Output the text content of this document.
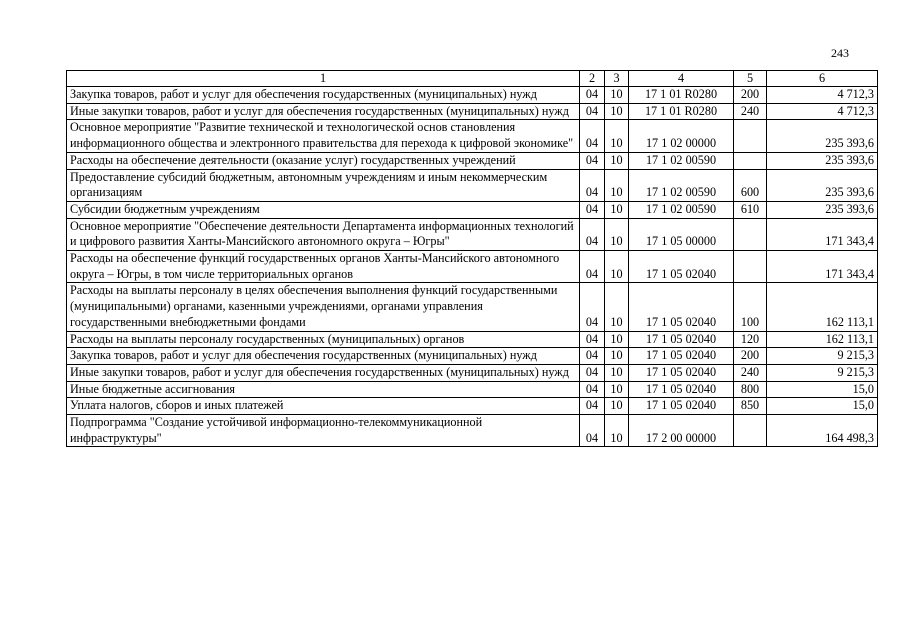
243
1	2	3	4	5	6
Закупка товаров, работ и услуг для обеспечения государственных (муниципальных) нужд	04	10	17 1 01 R0280	200	4 712,3
Иные закупки товаров, работ и услуг для обеспечения государственных (муниципальных) нужд	04	10	17 1 01 R0280	240	4 712,3
Основное мероприятие "Развитие технической и технологической основ становления информационного общества и электронного правительства для перехода к цифровой экономике"	04	10	17 1 02 00000		235 393,6
Расходы на обеспечение деятельности (оказание услуг) государственных учреждений	04	10	17 1 02 00590		235 393,6
Предоставление субсидий бюджетным, автономным учреждениям и иным некоммерческим организациям	04	10	17 1 02 00590	600	235 393,6
Субсидии бюджетным учреждениям	04	10	17 1 02 00590	610	235 393,6
Основное мероприятие "Обеспечение деятельности Департамента информационных технологий и цифрового развития Ханты-Мансийского автономного округа – Югры"	04	10	17 1 05 00000		171 343,4
Расходы на обеспечение функций государственных органов Ханты-Мансийского автономного округа – Югры, в том числе территориальных органов	04	10	17 1 05 02040		171 343,4
Расходы на выплаты персоналу в целях обеспечения выполнения функций государственными (муниципальными) органами, казенными учреждениями, органами управления государственными внебюджетными фондами	04	10	17 1 05 02040	100	162 113,1
Расходы на выплаты персоналу государственных (муниципальных) органов	04	10	17 1 05 02040	120	162 113,1
Закупка товаров, работ и услуг для обеспечения государственных (муниципальных) нужд	04	10	17 1 05 02040	200	9 215,3
Иные закупки товаров, работ и услуг для обеспечения государственных (муниципальных) нужд	04	10	17 1 05 02040	240	9 215,3
Иные бюджетные ассигнования	04	10	17 1 05 02040	800	15,0
Уплата налогов, сборов и иных платежей	04	10	17 1 05 02040	850	15,0
Подпрограмма "Создание устойчивой информационно-телекоммуникационной инфраструктуры"	04	10	17 2 00 00000		164 498,3
